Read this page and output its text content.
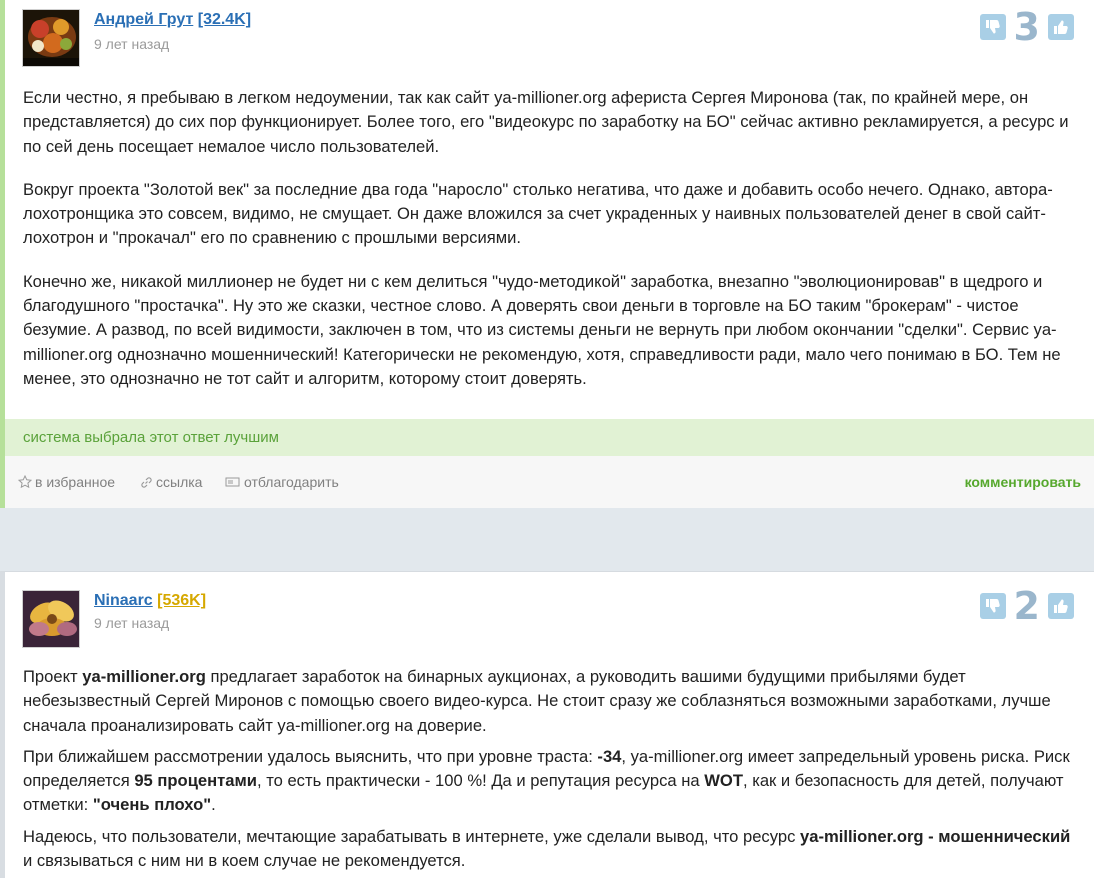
Андрей Грут [32.4K]
9 лет назад	3

Если честно, я пребываю в легком недоумении, так как сайт ya-millioner.org афериста Сергея Миронова (так, по крайней мере, он представляется) до сих пор функционирует. Более того, его "видеокурс по заработку на БО" сейчас активно рекламируется, а ресурс и по сей день посещает немалое число пользователей.

Вокруг проекта "Золотой век" за последние два года "наросло" столько негатива, что даже и добавить особо нечего. Однако, автора-лохотронщика это совсем, видимо, не смущает. Он даже вложился за счет украденных у наивных пользователей денег в свой сайт-лохотрон и "прокачал" его по сравнению с прошлыми версиями.

Конечно же, никакой миллионер не будет ни с кем делиться "чудо-методикой" заработка, внезапно "эволюционировав" в щедрого и благодушного "простачка". Ну это же сказки, честное слово. А доверять свои деньги в торговле на БО таким "брокерам" - чистое безумие. А развод, по всей видимости, заключен в том, что из системы деньги не вернуть при любом окончании "сделки". Сервис ya-millioner.org однозначно мошеннический! Категорически не рекомендую, хотя, справедливости ради, мало чего понимаю в БО. Тем не менее, это однозначно не тот сайт и алгоритм, которому стоит доверять.

система выбрала этот ответ лучшим
в избранное	ссылка	отблагодарить	комментировать
Ninaarc [536K]
9 лет назад	2

Проект ya-millioner.org предлагает заработок на бинарных аукционах, а руководить вашими будущими прибылями будет небезызвестный Сергей Миронов с помощью своего видео-курса. Не стоит сразу же соблазняться возможными заработками, лучше сначала проанализировать сайт ya-millioner.org на доверие.

При ближайшем рассмотрении удалось выяснить, что при уровне траста: -34, ya-millioner.org имеет запредельный уровень риска. Риск определяется 95 процентами, то есть практически - 100 %! Да и репутация ресурса на WOT, как и безопасность для детей, получают отметки: "очень плохо".

Надеюсь, что пользователи, мечтающие зарабатывать в интернете, уже сделали вывод, что ресурс ya-millioner.org - мошеннический и связываться с ним ни в коем случае не рекомендуется.
